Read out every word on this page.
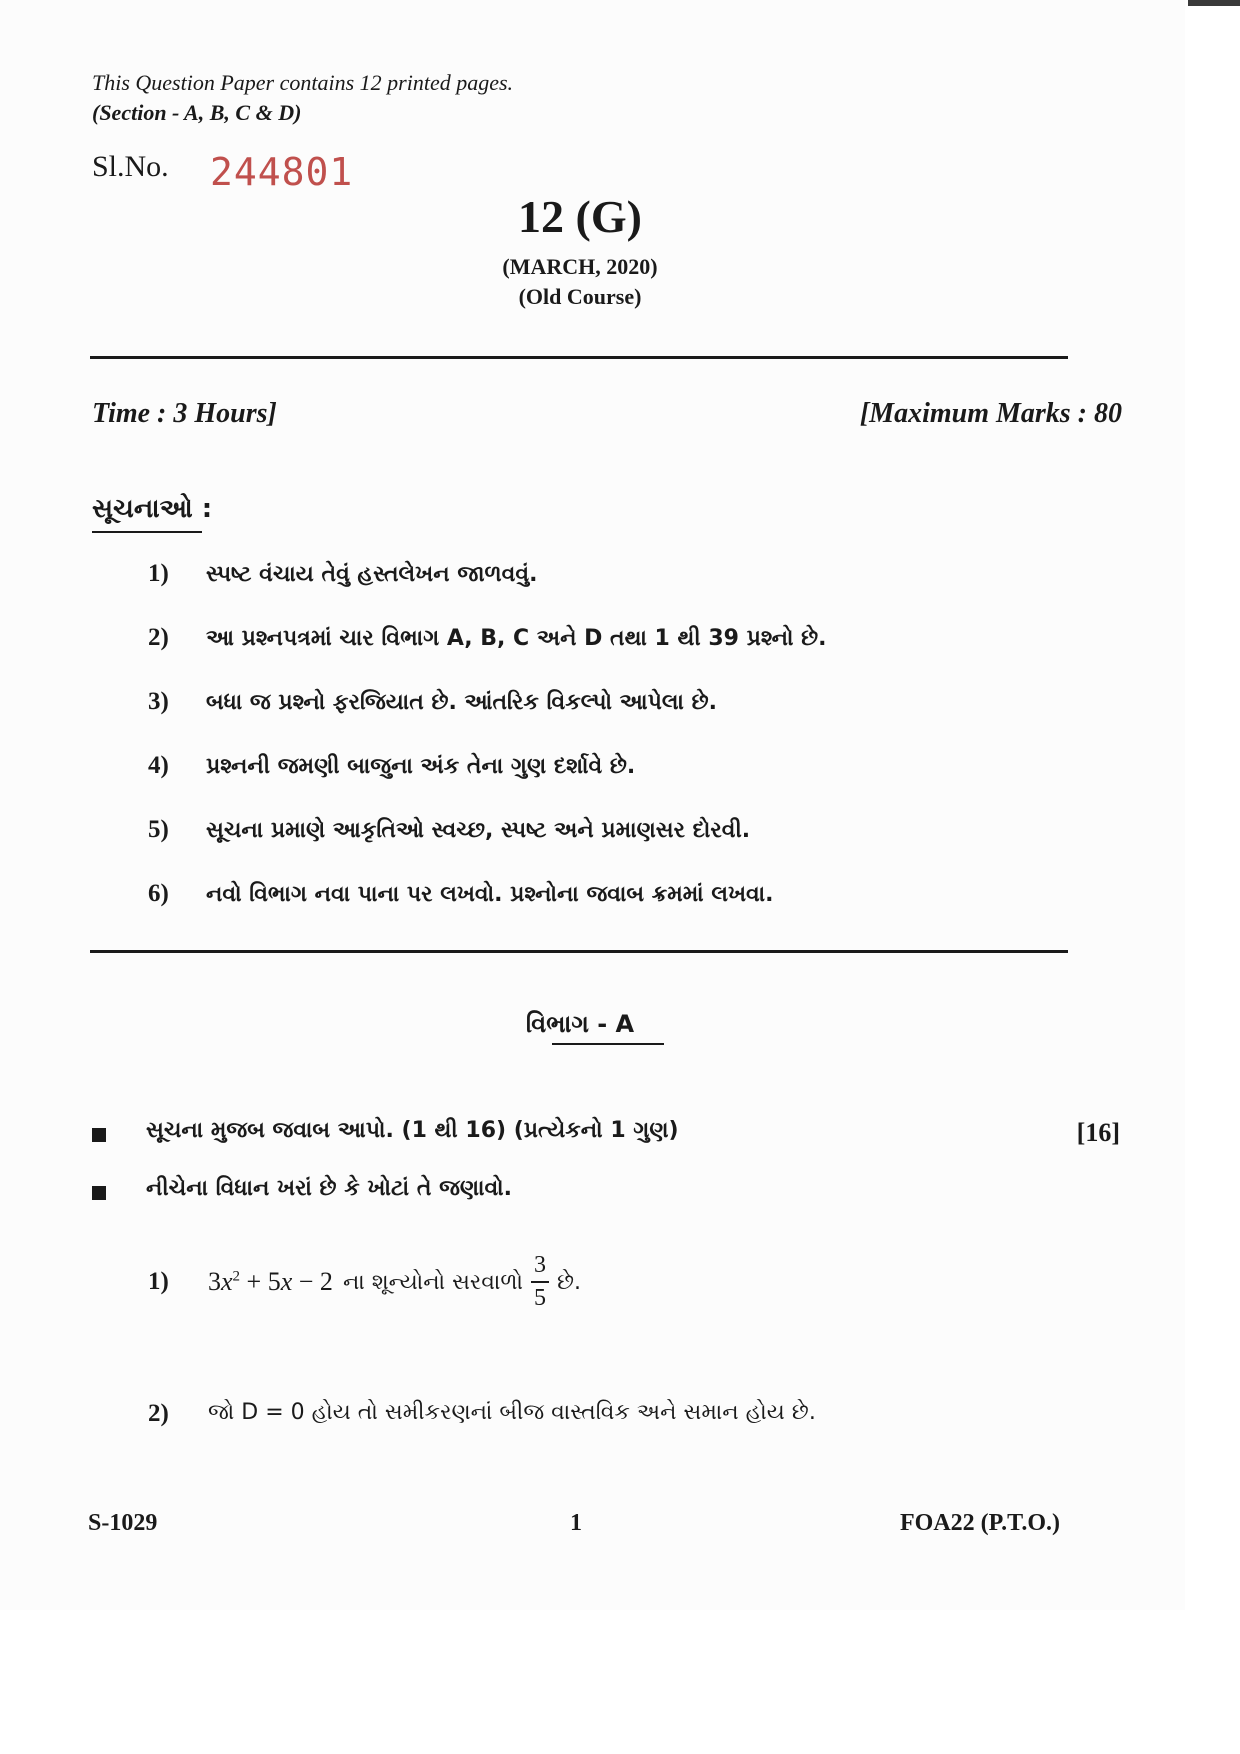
This Question Paper contains 12 printed pages.
(Section - A, B, C & D)
Sl.No. 244801
12 (G)
(MARCH, 2020)
(Old Course)
Time : 3 Hours]	[Maximum Marks : 80
સૂચનાઓ :
1)	સ્પષ્ટ વંચાય તેવું હસ્તલેખન જાળવવું.
2)	આ પ્રશ્નપત્રમાં ચાર વિભાગ A, B, C અને D તથા 1 થી 39 પ્રશ્નો છે.
3)	બધા જ પ્રશ્નો ફરજિયાત છે. આંતરિક વિકલ્પો આપેલા છે.
4)	પ્રશ્નની જમણી બાજુના અંક તેના ગુણ દર્શાવે છે.
5)	સૂચના પ્રમાણે આકૃતિઓ સ્વચ્છ, સ્પષ્ટ અને પ્રમાણસર દોરવી.
6)	નવો વિભાગ નવા પાના પર લખવો. પ્રશ્નોના જવાબ ક્રમમાં લખવા.
વિભાગ - A
સૂચના મુજબ જવાબ આપો. (1 થી 16) (પ્રત્યેકનો 1 ગુણ)	[16]
નીચેના વિધાન ખરાં છે કે ખોટાં તે જણાવો.
1) $3x^2 + 5x - 2$ ના શૂન્યોનો સરવાળો $\frac{3}{5}$ છે.
2) જો D = 0 હોય તો સમીકરણનાં બીજ વાસ્તવિક અને સમાન હોય છે.
S-1029	1	FOA22 (P.T.O.)
